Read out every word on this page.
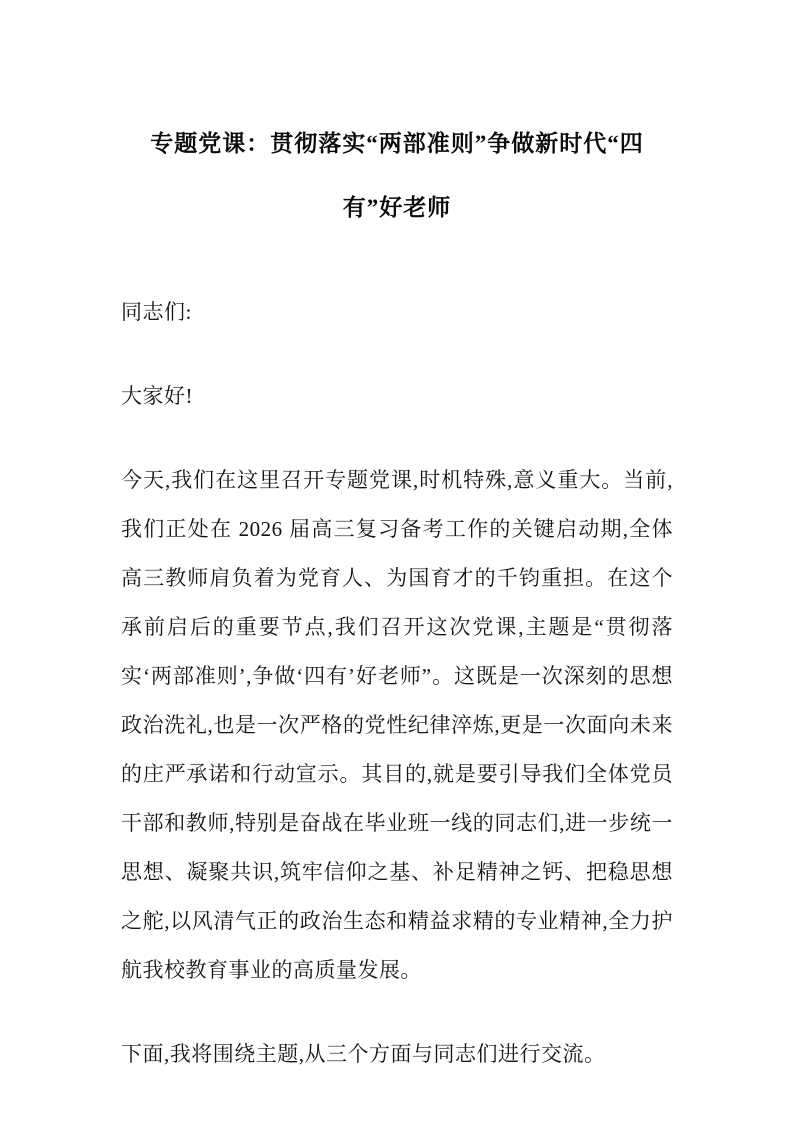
专题党课：贯彻落实“两部准则”争做新时代“四有”好老师

同志们:

大家好!

今天,我们在这里召开专题党课,时机特殊,意义重大。当前,我们正处在 2026 届高三复习备考工作的关键启动期,全体高三教师肩负着为党育人、为国育才的千钧重担。在这个承前启后的重要节点,我们召开这次党课,主题是“贯彻落实‘两部准则’,争做‘四有’好老师”。这既是一次深刻的思想政治洗礼,也是一次严格的党性纪律淬炼,更是一次面向未来的庄严承诺和行动宣示。其目的,就是要引导我们全体党员干部和教师,特别是奋战在毕业班一线的同志们,进一步统一思想、凝聚共识,筑牢信仰之基、补足精神之钙、把稳思想之舵,以风清气正的政治生态和精益求精的专业精神,全力护航我校教育事业的高质量发展。

下面,我将围绕主题,从三个方面与同志们进行交流。
